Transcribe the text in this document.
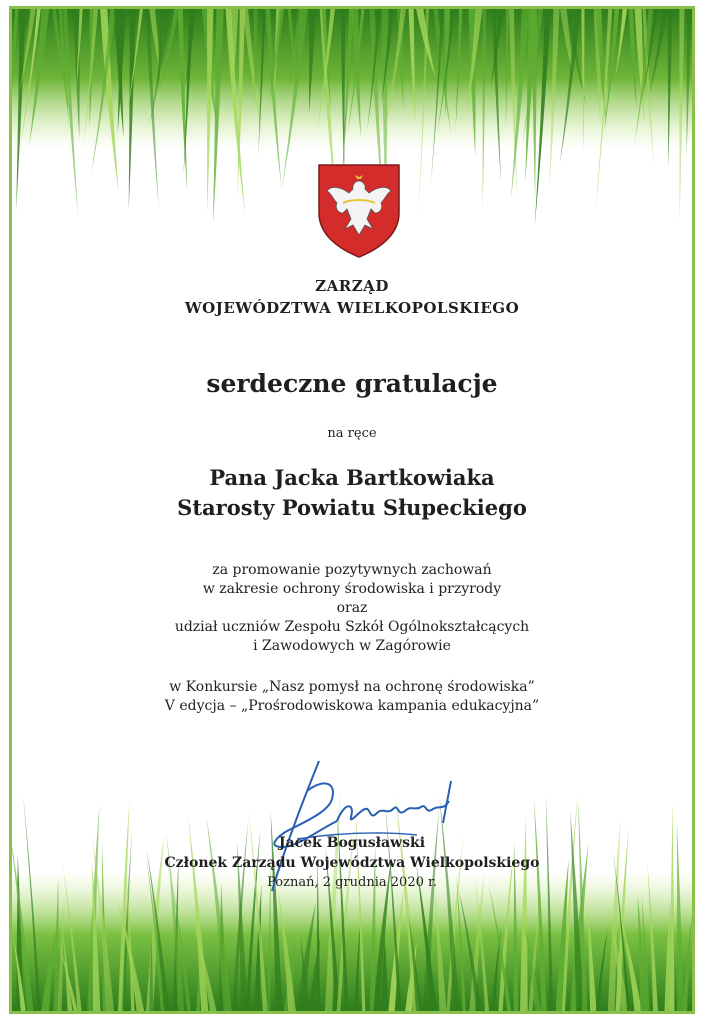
ZARZĄD
WOJEWÓDZTWA WIELKOPOLSKIEGO
serdeczne gratulacje
na ręce
Pana Jacka Bartkowiaka
Starosty Powiatu Słupeckiego
za promowanie pozytywnych zachowań
w zakresie ochrony środowiska i przyrody
oraz
udział uczniów Zespołu Szkół Ogólnokształcących
i Zawodowych w Zagórowie
w Konkursie „Nasz pomysł na ochronę środowiska”
V edycja – „Prośrodowiskowa kampania edukacyjna”
Jacek Bogusławski
Członek Zarządu Województwa Wielkopolskiego
Poznań, 2 grudnia 2020 r.
